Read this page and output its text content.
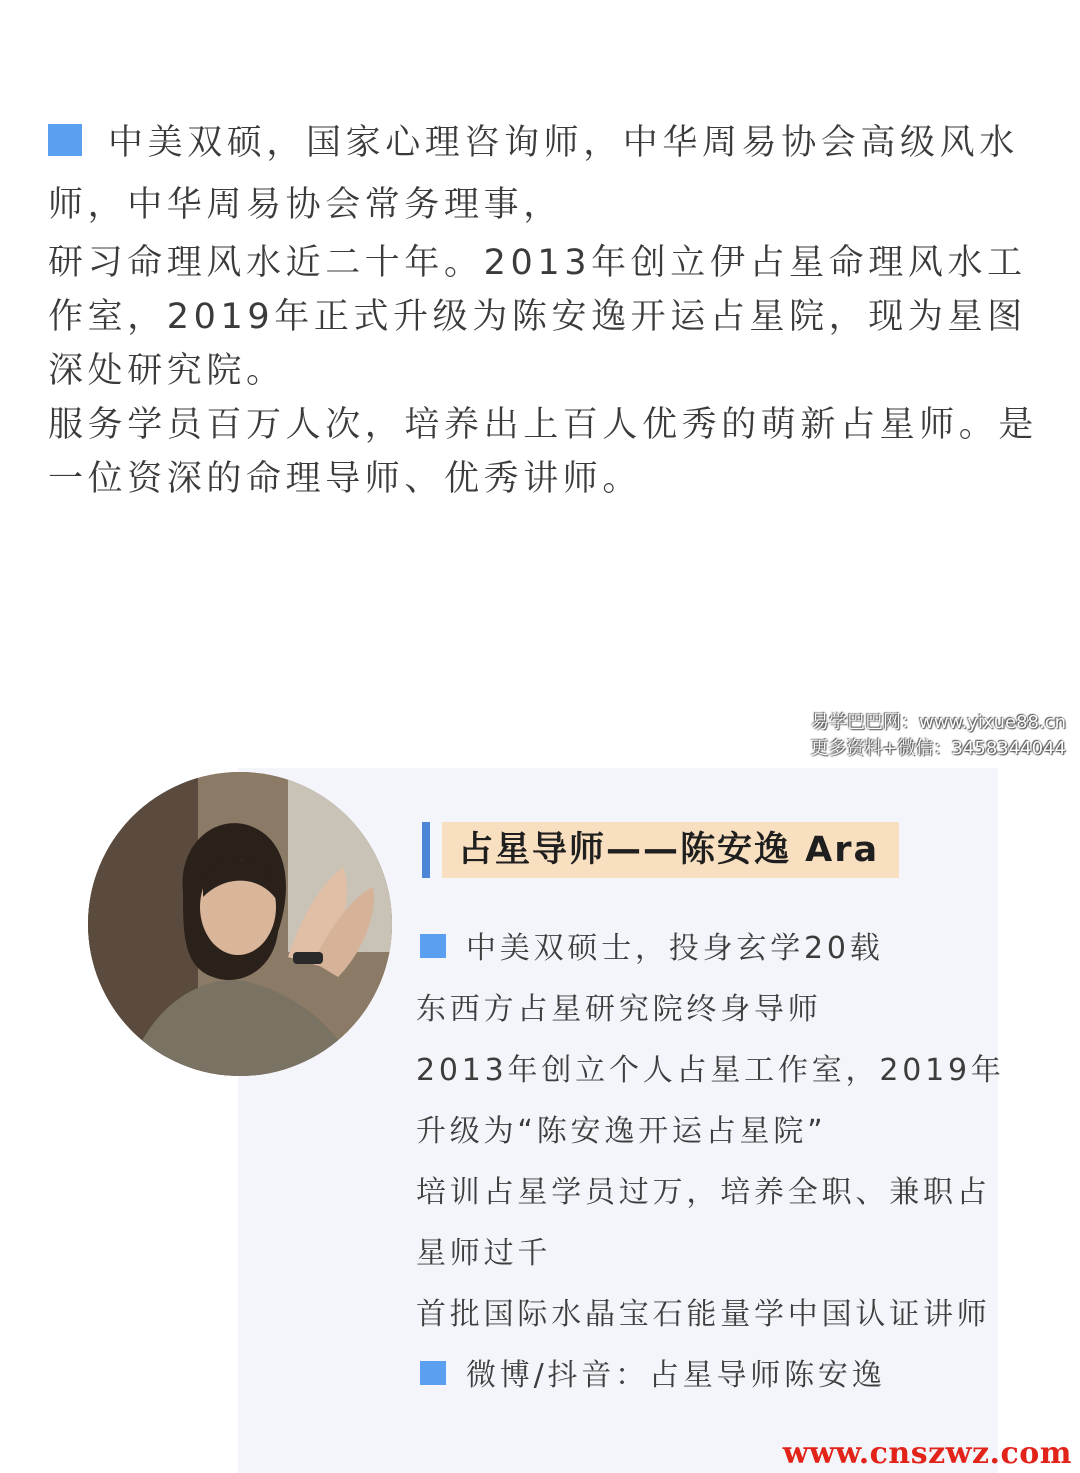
中美双硕，国家心理咨询师，中华周易协会高级风水师，中华周易协会常务理事，

研习命理风水近二十年。2013年创立伊占星命理风水工作室，2019年正式升级为陈安逸开运占星院，现为星图深处研究院。

服务学员百万人次，培养出上百人优秀的萌新占星师。是一位资深的命理导师、优秀讲师。

易学巴巴网：www.yixue88.cn
更多资料+微信：3458344044
占星导师——陈安逸 Ara

中美双硕士，投身玄学20载

东西方占星研究院终身导师

2013年创立个人占星工作室，2019年升级为“陈安逸开运占星院”

培训占星学员过万，培养全职、兼职占星师过千

首批国际水晶宝石能量学中国认证讲师

微博/抖音：占星导师陈安逸

www.cnszwz.com
